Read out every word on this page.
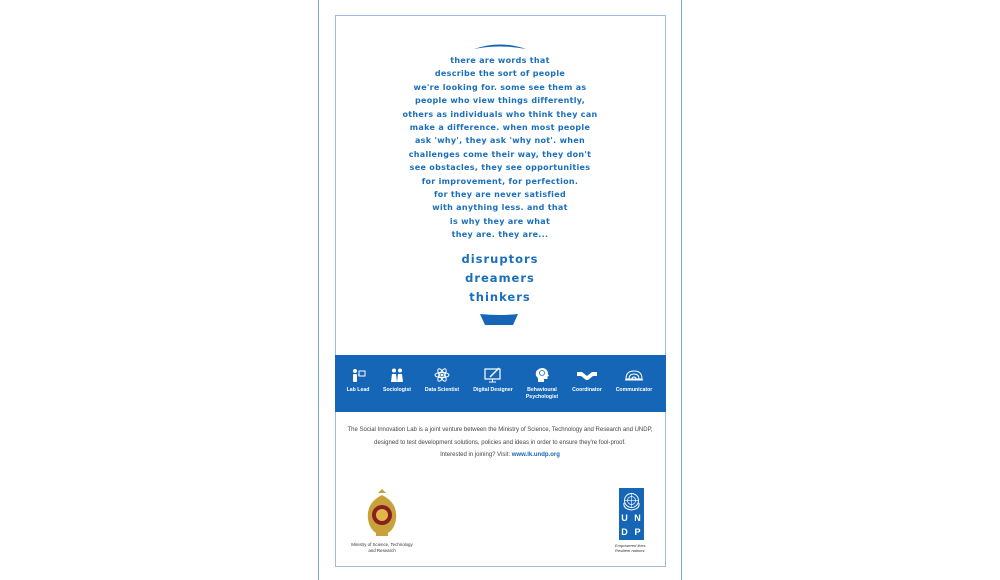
there are words that
describe the sort of people
we're looking for. some see them as
people who view things differently,
others as individuals who think they can
make a difference. when most people
ask 'why', they ask 'why not'. when
challenges come their way, they don't
see obstacles, they see opportunities
for improvement, for perfection.
for they are never satisfied
with anything less. and that
is why they are what
they are. they are...
disruptors
dreamers
thinkers
Lab Lead	Sociologist	Data Scientist	Digital Designer	Behavioural
Psychologist
Coordinator	Communicator
The Social Innovation Lab is a joint venture between the Ministry of Science, Technology and Research and UNDP,
designed to test development solutions, policies and ideas in order to ensure they're fool-proof.
Interested in joining? Visit: www.lk.undp.org
Ministry of Science, Technology
and Research
U N
D P
Empowered lives.
Resilient nations.
